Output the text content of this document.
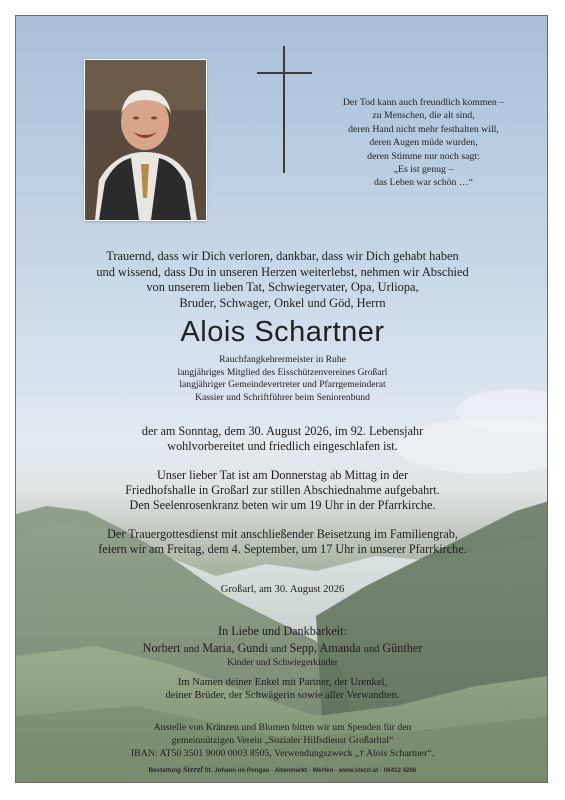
Der Tod kann auch freundlich kommen –
zu Menschen, die alt sind,
deren Hand nicht mehr festhalten will,
deren Augen müde wurden,
deren Stimme nur noch sagt:
„Es ist genug –
das Leben war schön …“
Trauernd, dass wir Dich verloren, dankbar, dass wir Dich gehabt haben
und wissend, dass Du in unseren Herzen weiterlebst, nehmen wir Abschied
von unserem lieben Tat, Schwiegervater, Opa, Urliopa,
Bruder, Schwager, Onkel und Göd, Herrn
Alois Schartner
Rauchfangkehrermeister in Ruhe
langjähriges Mitglied des Eisschützenvereines Großarl
langjähriger Gemeindevertreter und Pfarrgemeinderat
Kassier und Schriftführer beim Seniorenbund
der am Sonntag, dem 30. August 2026, im 92. Lebensjahr
wohlvorbereitet und friedlich eingeschlafen ist.
Unser lieber Tat ist am Donnerstag ab Mittag in der
Friedhofshalle in Großarl zur stillen Abschiednahme aufgebahrt.
Den Seelenrosenkranz beten wir um 19 Uhr in der Pfarrkirche.
Der Trauergottesdienst mit anschließender Beisetzung im Familiengrab,
feiern wir am Freitag, dem 4. September, um 17 Uhr in unserer Pfarrkirche.
Großarl, am 30. August 2026
In Liebe und Dankbarkeit:
Norbert und Maria, Gundi und Sepp, Amanda und Günther
Kinder und Schwiegerkinder
Im Namen deiner Enkel mit Partner, der Urenkel,
deiner Brüder, der Schwägerin sowie aller Verwandten.
Anstelle von Kränzen und Blumen bitten wir um Spenden für den
gemeinnützigen Verein „Sozialer Hilfsdienst Großarltal“
IBAN: AT50 3501 9000 0003 8505, Verwendungszweck „† Alois Schartner“.
Bestattung Sterzl St. Johann im Pongau · Altenmarkt · Werfen · www.sterzl.at · 06412 4266
